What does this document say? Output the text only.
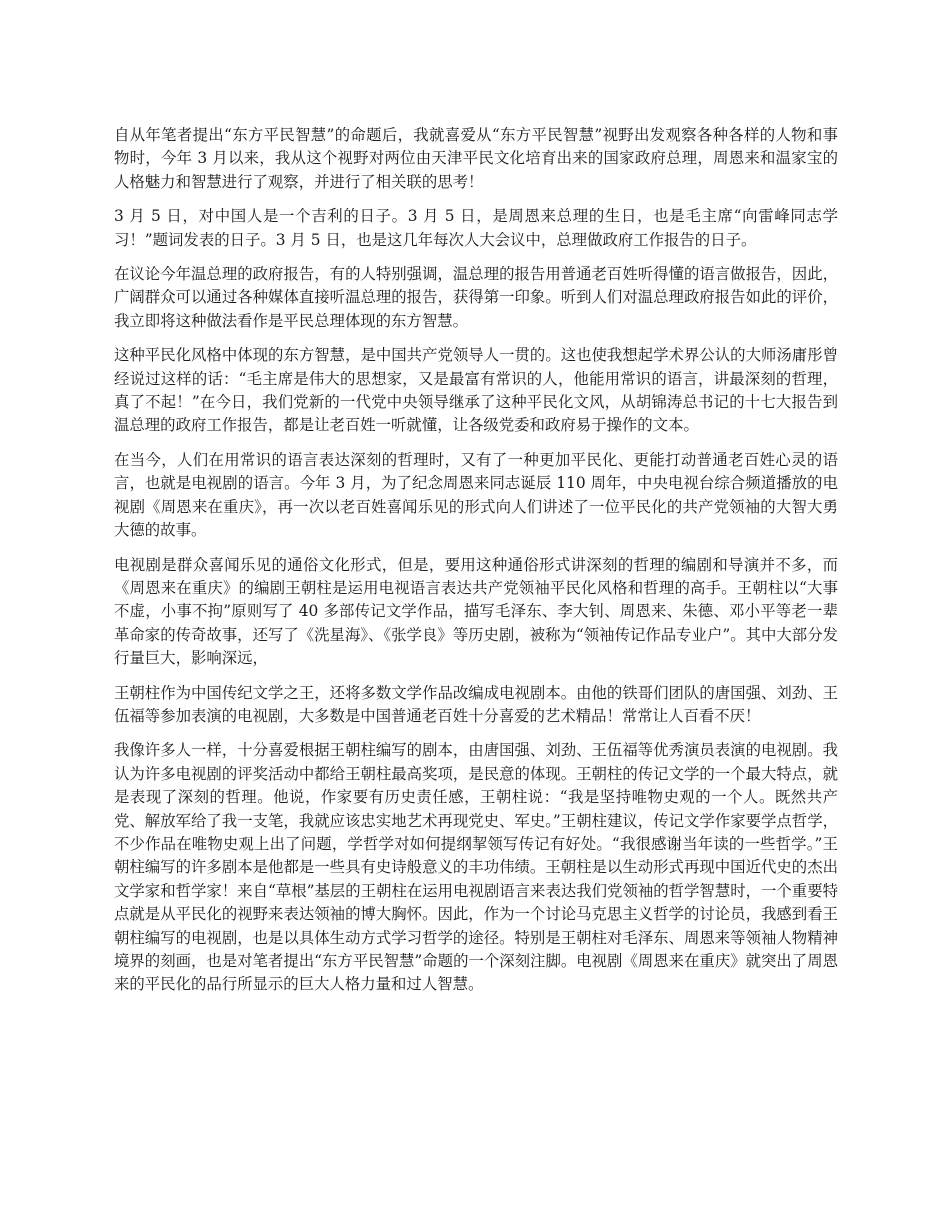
自从年笔者提出“东方平民智慧”的命题后，我就喜爱从“东方平民智慧”视野出发观察各种各样的人物和事物时，今年 3 月以来，我从这个视野对两位由天津平民文化培育出来的国家政府总理，周恩来和温家宝的人格魅力和智慧进行了观察，并进行了相关联的思考！

3 月 5 日，对中国人是一个吉利的日子。3 月 5 日，是周恩来总理的生日，也是毛主席“向雷峰同志学习！”题词发表的日子。3 月 5 日，也是这几年每次人大会议中，总理做政府工作报告的日子。

在议论今年温总理的政府报告，有的人特别强调，温总理的报告用普通老百姓听得懂的语言做报告，因此，广阔群众可以通过各种媒体直接听温总理的报告，获得第一印象。听到人们对温总理政府报告如此的评价，我立即将这种做法看作是平民总理体现的东方智慧。

这种平民化风格中体现的东方智慧，是中国共产党领导人一贯的。这也使我想起学术界公认的大师汤庸彤曾经说过这样的话：“毛主席是伟大的思想家，又是最富有常识的人，他能用常识的语言，讲最深刻的哲理，真了不起！”在今日，我们党新的一代党中央领导继承了这种平民化文风，从胡锦涛总书记的十七大报告到温总理的政府工作报告，都是让老百姓一听就懂，让各级党委和政府易于操作的文本。

在当今，人们在用常识的语言表达深刻的哲理时，又有了一种更加平民化、更能打动普通老百姓心灵的语言，也就是电视剧的语言。今年 3 月，为了纪念周恩来同志诞辰 110 周年，中央电视台综合频道播放的电视剧《周恩来在重庆》，再一次以老百姓喜闻乐见的形式向人们讲述了一位平民化的共产党领袖的大智大勇大德的故事。

电视剧是群众喜闻乐见的通俗文化形式，但是，要用这种通俗形式讲深刻的哲理的编剧和导演并不多，而《周恩来在重庆》的编剧王朝柱是运用电视语言表达共产党领袖平民化风格和哲理的高手。王朝柱以“大事不虚，小事不拘”原则写了 40 多部传记文学作品，描写毛泽东、李大钊、周恩来、朱德、邓小平等老一辈革命家的传奇故事，还写了《洗星海》、《张学良》等历史剧，被称为“领袖传记作品专业户”。其中大部分发行量巨大，影响深远，

王朝柱作为中国传纪文学之王，还将多数文学作品改编成电视剧本。由他的铁哥们团队的唐国强、刘劲、王伍福等参加表演的电视剧，大多数是中国普通老百姓十分喜爱的艺术精品！常常让人百看不厌！

我像许多人一样，十分喜爱根据王朝柱编写的剧本，由唐国强、刘劲、王伍福等优秀演员表演的电视剧。我认为许多电视剧的评奖活动中都给王朝柱最高奖项，是民意的体现。王朝柱的传记文学的一个最大特点，就是表现了深刻的哲理。他说，作家要有历史责任感，王朝柱说：“我是坚持唯物史观的一个人。既然共产党、解放军给了我一支笔，我就应该忠实地艺术再现党史、军史。”王朝柱建议，传记文学作家要学点哲学，不少作品在唯物史观上出了问题，学哲学对如何提纲挈领写传记有好处。“我很感谢当年读的一些哲学。”王朝柱编写的许多剧本是他都是一些具有史诗般意义的丰功伟绩。王朝柱是以生动形式再现中国近代史的杰出文学家和哲学家！来自“草根”基层的王朝柱在运用电视剧语言来表达我们党领袖的哲学智慧时，一个重要特点就是从平民化的视野来表达领袖的博大胸怀。因此，作为一个讨论马克思主义哲学的讨论员，我感到看王朝柱编写的电视剧，也是以具体生动方式学习哲学的途径。特别是王朝柱对毛泽东、周恩来等领袖人物精神境界的刻画，也是对笔者提出“东方平民智慧”命题的一个深刻注脚。电视剧《周恩来在重庆》就突出了周恩来的平民化的品行所显示的巨大人格力量和过人智慧。
